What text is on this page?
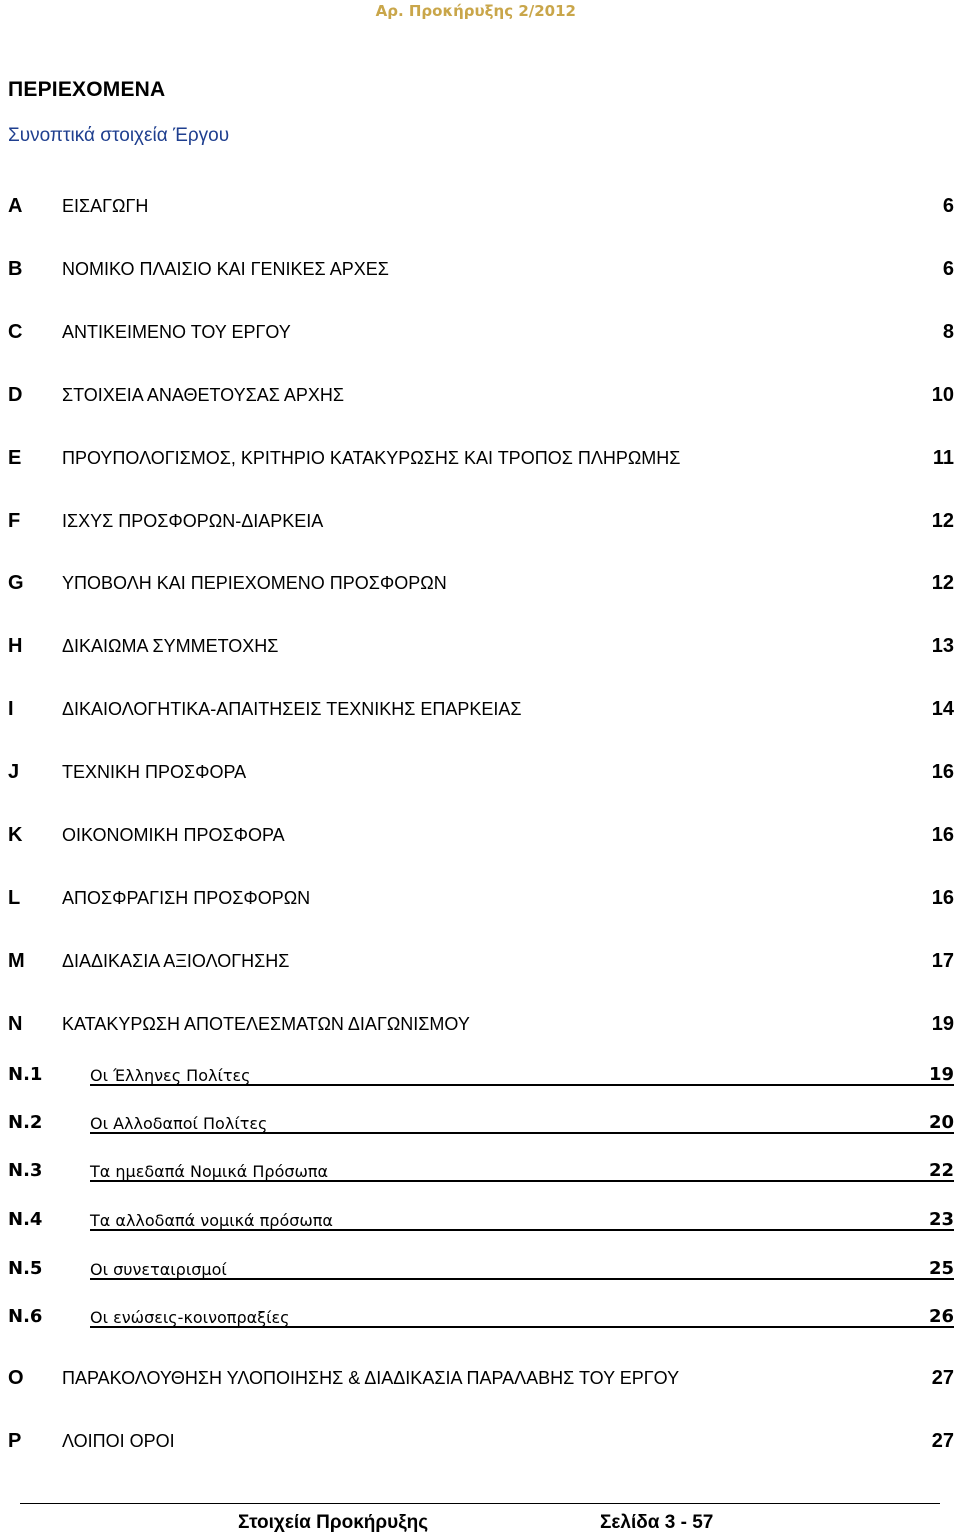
Αρ. Προκήρυξης 2/2012
ΠΕΡΙΕΧΟΜΕΝΑ
Συνοπτικά στοιχεία Έργου
A ΕΙΣΑΓΩΓΗ	6
B ΝΟΜΙΚΟ ΠΛΑΙΣΙΟ ΚΑΙ ΓΕΝΙΚΕΣ ΑΡΧΕΣ	6
C ΑΝΤΙΚΕΙΜΕΝΟ ΤΟΥ ΕΡΓΟΥ	8
D ΣΤΟΙΧΕΙΑ ΑΝΑΘΕΤΟΥΣΑΣ ΑΡΧΗΣ	10
E ΠΡΟΥΠΟΛΟΓΙΣΜΟΣ, ΚΡΙΤΗΡΙΟ ΚΑΤΑΚΥΡΩΣΗΣ ΚΑΙ ΤΡΟΠΟΣ ΠΛΗΡΩΜΗΣ	11
F ΙΣΧΥΣ ΠΡΟΣΦΟΡΩΝ-ΔΙΑΡΚΕΙΑ	12
G ΥΠΟΒΟΛΗ ΚΑΙ ΠΕΡΙΕΧΟΜΕΝΟ ΠΡΟΣΦΟΡΩΝ	12
H ΔΙΚΑΙΩΜΑ ΣΥΜΜΕΤΟΧΗΣ	13
I	ΔΙΚΑΙΟΛΟΓΗΤΙΚΑ-ΑΠΑΙΤΗΣΕΙΣ ΤΕΧΝΙΚΗΣ ΕΠΑΡΚΕΙΑΣ	14
J ΤΕΧΝΙΚΗ ΠΡΟΣΦΟΡΑ	16
K ΟΙΚΟΝΟΜΙΚΗ ΠΡΟΣΦΟΡΑ	16
L ΑΠΟΣΦΡΑΓΙΣΗ ΠΡΟΣΦΟΡΩΝ	16
M ΔΙΑΔΙΚΑΣΙΑ ΑΞΙΟΛΟΓΗΣΗΣ	17
N ΚΑΤΑΚΥΡΩΣΗ ΑΠΟΤΕΛΕΣΜΑΤΩΝ ΔΙΑΓΩΝΙΣΜΟΥ	19
N.1	Οι Έλληνες Πολίτες	19
N.2	Οι Αλλοδαποί Πολίτες	20
N.3	Τα ημεδαπά Νομικά Πρόσωπα	22
N.4	Τα αλλοδαπά νομικά πρόσωπα	23
N.5	Οι συνεταιρισμοί	25
N.6	Οι ενώσεις-κοινοπραξίες	26
O ΠΑΡΑΚΟΛΟΥΘΗΣΗ ΥΛΟΠΟΙΗΣΗΣ & ΔΙΑΔΙΚΑΣΙΑ ΠΑΡΑΛΑΒΗΣ ΤΟΥ ΕΡΓΟΥ	27
P ΛΟΙΠΟΙ ΟΡΟΙ	27
Στοιχεία Προκήρυξης	Σελίδα 3 - 57
